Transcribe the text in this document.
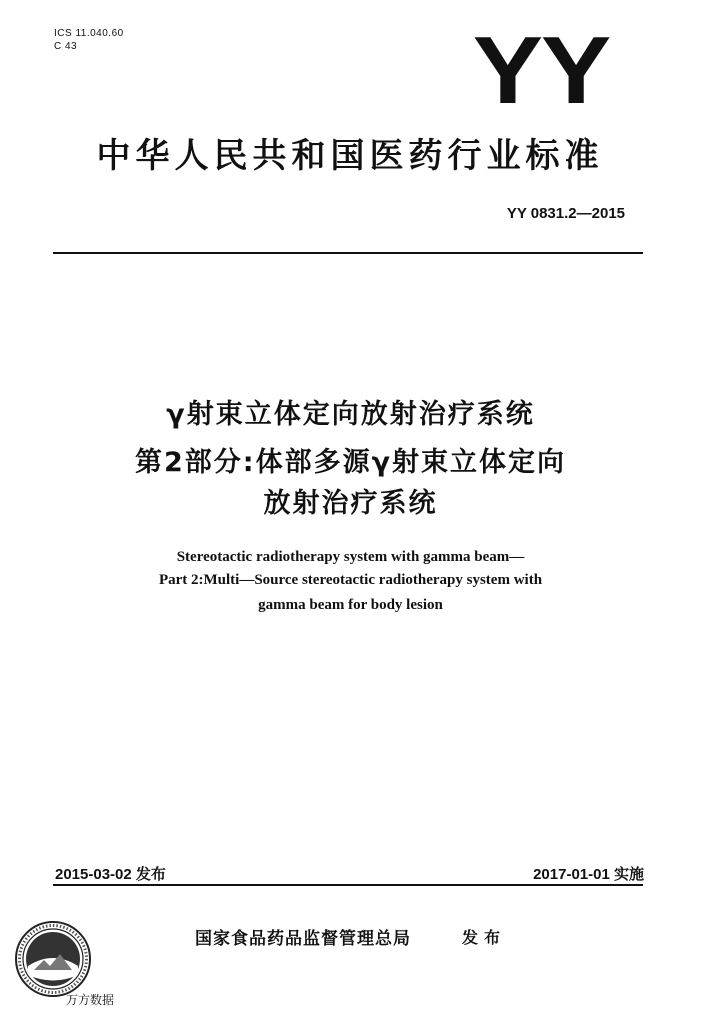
ICS 11.040.60
C 43	YY
中华人民共和国医药行业标准
YY 0831.2—2015
γ射束立体定向放射治疗系统
第2部分:体部多源γ射束立体定向
放射治疗系统
Stereotactic radiotherapy system with gamma beam—
Part 2:Multi—Source stereotactic radiotherapy system with
gamma beam for body lesion
2015-03-02 发布	2017-01-01 实施
国家食品药品监督管理总局	发布
万方数据
